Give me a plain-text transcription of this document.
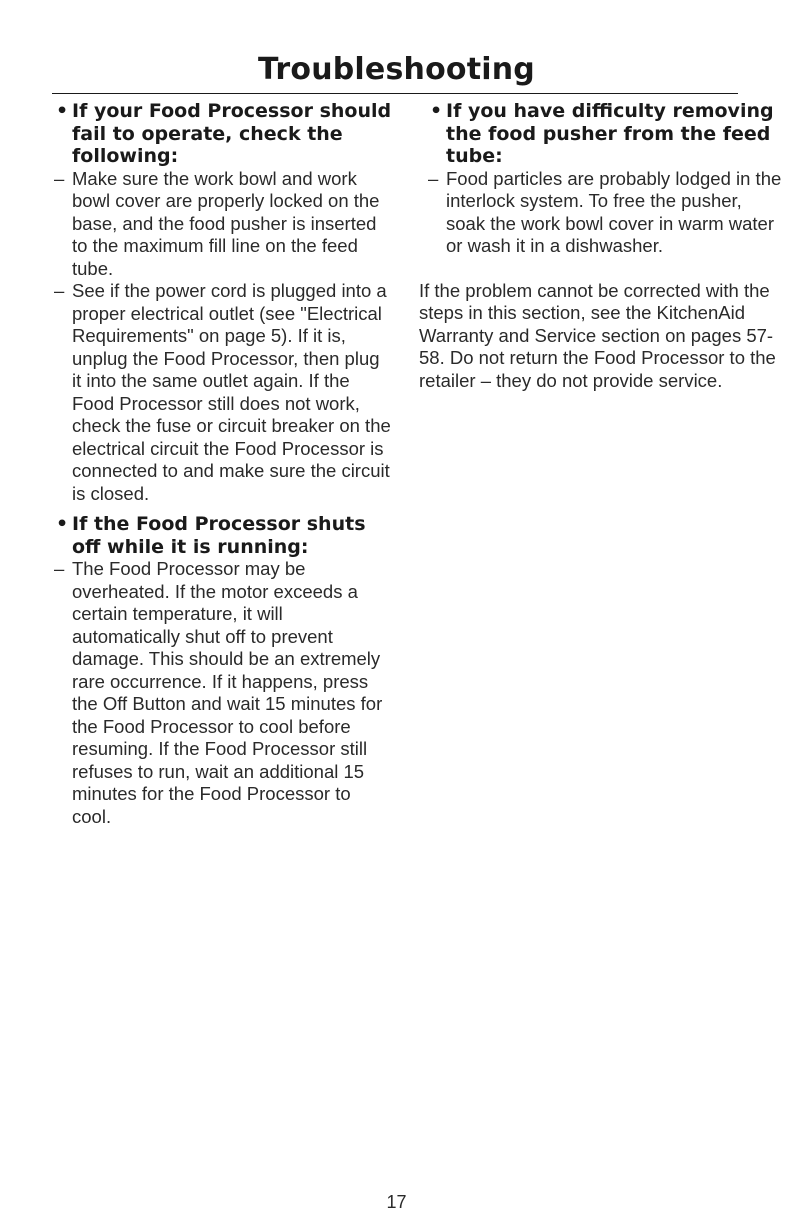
Troubleshooting

• If your Food Processor should fail to operate, check the following:

– Make sure the work bowl and work bowl cover are properly locked on the base, and the food pusher is inserted to the maximum fill line on the feed tube.

– See if the power cord is plugged into a proper electrical outlet (see "Electrical Requirements" on page 5). If it is, unplug the Food Processor, then plug it into the same outlet again. If the Food Processor still does not work, check the fuse or circuit breaker on the electrical circuit the Food Processor is connected to and make sure the circuit is closed.

• If the Food Processor shuts off while it is running:

– The Food Processor may be overheated. If the motor exceeds a certain temperature, it will automatically shut off to prevent damage. This should be an extremely rare occurrence. If it happens, press the Off Button and wait 15 minutes for the Food Processor to cool before resuming. If the Food Processor still refuses to run, wait an additional 15 minutes for the Food Processor to cool.

• If you have difficulty removing the food pusher from the feed tube:

– Food particles are probably lodged in the interlock system. To free the pusher, soak the work bowl cover in warm water or wash it in a dishwasher.

If the problem cannot be corrected with the steps in this section, see the KitchenAid Warranty and Service section on pages 57-58. Do not return the Food Processor to the retailer – they do not provide service.

17
